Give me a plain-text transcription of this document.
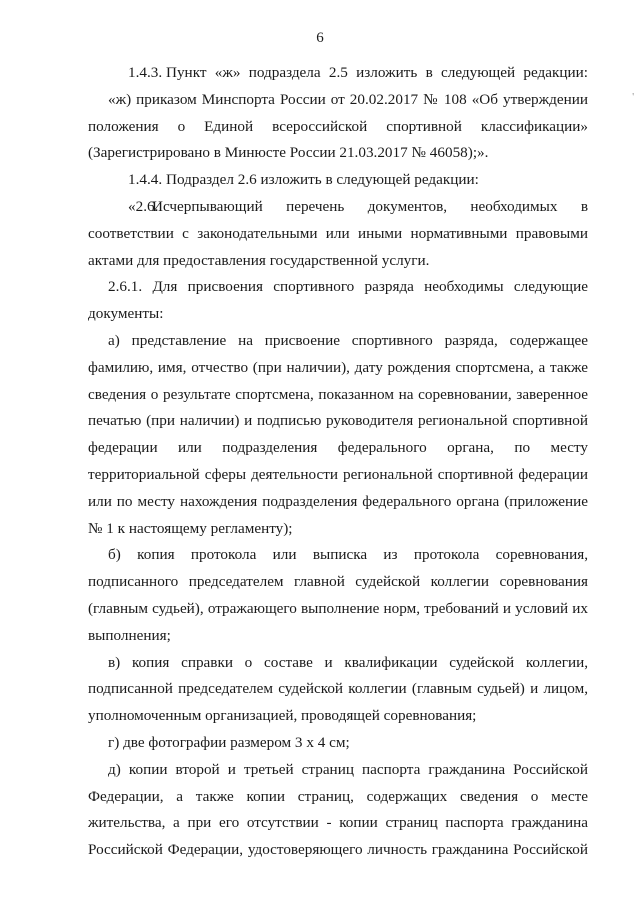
6
'

1.4.3. Пункт «ж» подраздела 2.5 изложить в следующей редакции:

«ж) приказом Минспорта России от 20.02.2017 № 108 «Об утверждении

положения о Единой всероссийской спортивной классификации»

(Зарегистрировано в Минюсте России 21.03.2017 № 46058);».

1.4.4. Подраздел 2.6 изложить в следующей редакции:

«2.6.Исчерпывающий перечень документов, необходимых в

соответствии с законодательными или иными нормативными правовыми

актами для предоставления государственной услуги.

2.6.1. Для присвоения спортивного разряда необходимы следующие

документы:

а) представление на присвоение спортивного разряда, содержащее

фамилию, имя, отчество (при наличии), дату рождения спортсмена, а также

сведения о результате спортсмена, показанном на соревновании, заверенное

печатью (при наличии) и подписью руководителя региональной спортивной

федерации или подразделения федерального органа, по месту

территориальной сферы деятельности региональной спортивной федерации

или по месту нахождения подразделения федерального органа (приложение

№ 1 к настоящему регламенту);

б) копия протокола или выписка из протокола соревнования,

подписанного председателем главной судейской коллегии соревнования

(главным судьей), отражающего выполнение норм, требований и условий их

выполнения;

в) копия справки о составе и квалификации судейской коллегии,

подписанной председателем судейской коллегии (главным судьей) и лицом,

уполномоченным организацией, проводящей соревнования;

г) две фотографии размером 3 х 4 см;

д) копии второй и третьей страниц паспорта гражданина Российской

Федерации, а также копии страниц, содержащих сведения о месте

жительства, а при его отсутствии - копии страниц паспорта гражданина

Российской Федерации, удостоверяющего личность гражданина Российской
